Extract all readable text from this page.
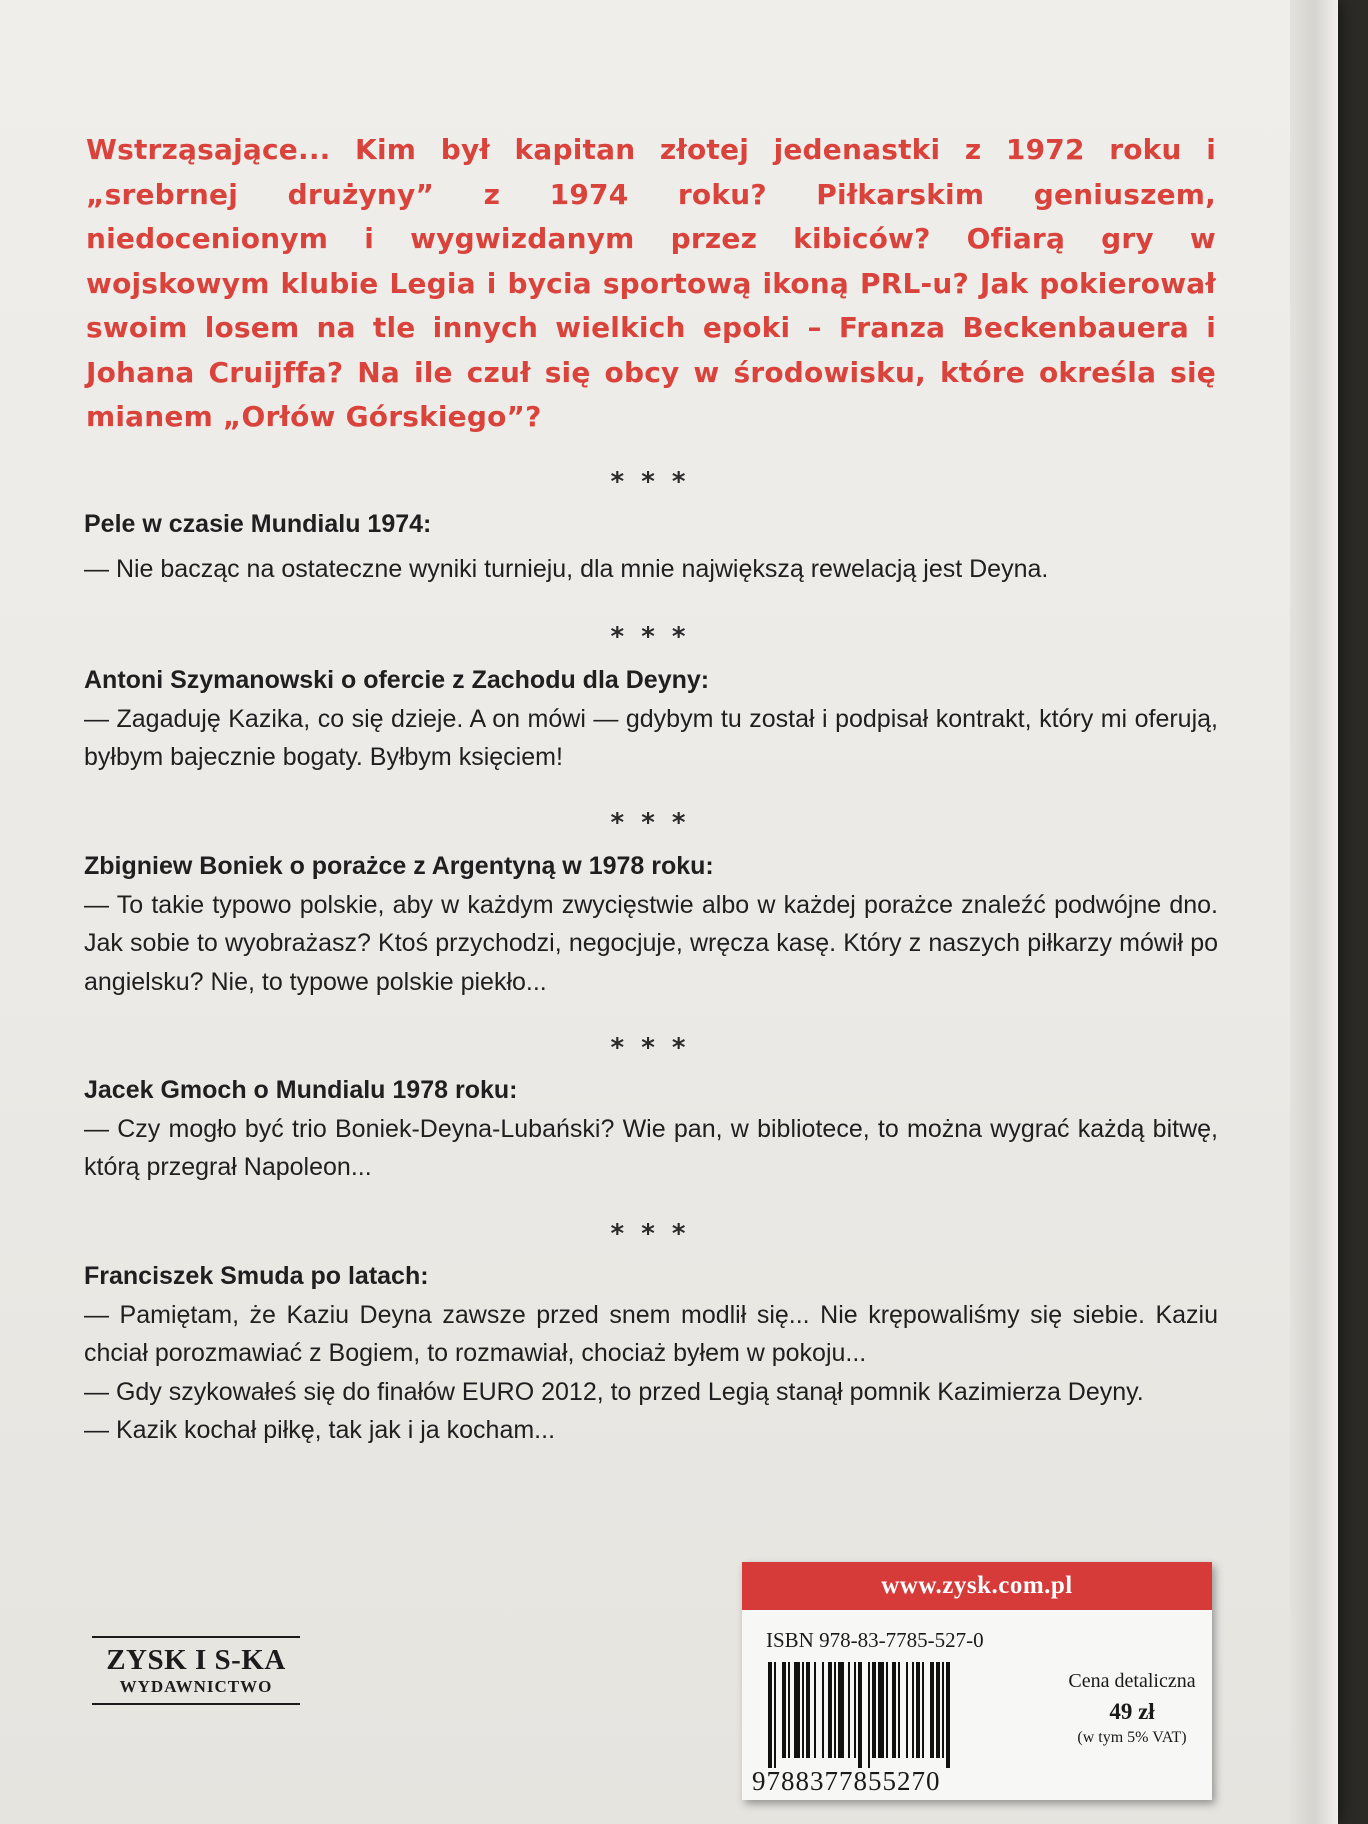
Wstrząsające... Kim był kapitan złotej jedenastki z 1972 roku i „srebrnej drużyny” z 1974 roku? Piłkarskim geniuszem, niedocenionym i wygwizdanym przez kibiców? Ofiarą gry w wojskowym klubie Legia i bycia sportową ikoną PRL-u? Jak pokierował swoim losem na tle innych wielkich epoki – Franza Beckenbauera i Johana Cruijffa? Na ile czuł się obcy w środowisku, które określa się mianem „Orłów Górskiego”?
* * *

Pele w czasie Mundialu 1974:

— Nie bacząc na ostateczne wyniki turnieju, dla mnie największą rewelacją jest Deyna.

* * *

Antoni Szymanowski o ofercie z Zachodu dla Deyny:

— Zagaduję Kazika, co się dzieje. A on mówi — gdybym tu został i podpisał kontrakt, który mi oferują, byłbym bajecznie bogaty. Byłbym księciem!

* * *

Zbigniew Boniek o porażce z Argentyną w 1978 roku:

— To takie typowo polskie, aby w każdym zwycięstwie albo w każdej porażce znaleźć podwójne dno. Jak sobie to wyobrażasz? Ktoś przychodzi, negocjuje, wręcza kasę. Który z naszych piłkarzy mówił po angielsku? Nie, to typowe polskie piekło...

* * *

Jacek Gmoch o Mundialu 1978 roku:

— Czy mogło być trio Boniek-Deyna-Lubański? Wie pan, w bibliotece, to można wygrać każdą bitwę, którą przegrał Napoleon...

* * *

Franciszek Smuda po latach:

— Pamiętam, że Kaziu Deyna zawsze przed snem modlił się... Nie krępowaliśmy się siebie. Kaziu chciał porozmawiać z Bogiem, to rozmawiał, chociaż byłem w pokoju...

— Gdy szykowałeś się do finałów EURO 2012, to przed Legią stanął pomnik Kazimierza Deyny.

— Kazik kochał piłkę, tak jak i ja kocham...

ZYSK I S-KA
WYDAWNICTWO
www.zysk.com.pl
ISBN 978-83-7785-527-0
9788377855270
Cena detaliczna
49 zł
(w tym 5% VAT)
